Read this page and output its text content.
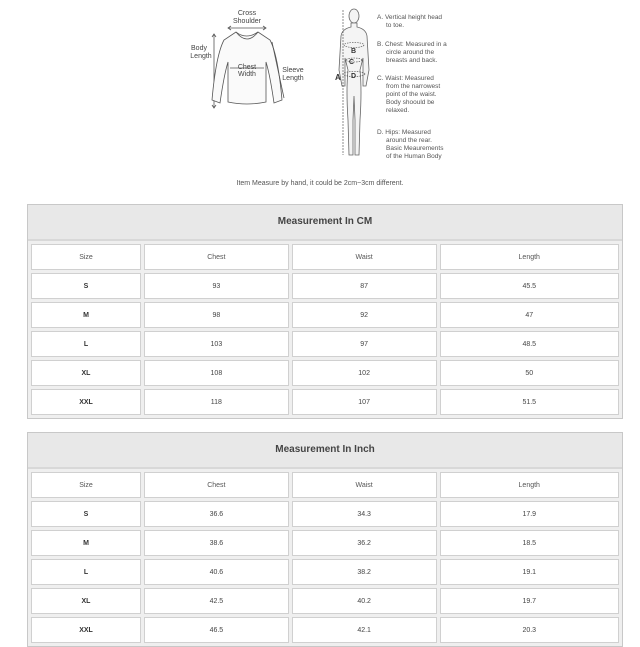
Cross
Shoulder
Body
Length
Chest
Width
Sleeve
Length	A
B
C
D
A. Vertical height head
to toe.
B. Chest: Measured in a
circle around the
breasts and back.
C. Waist: Measured
from the narrowest
point of the waist.
Body shoould be
relaxed.
D. Hips: Measured
around the rear.
Basic Meaurements
of the Human Body
Item Measure by hand, it could be 2cm~3cm different.
Measurement In CM
Size	Chest	Waist	Length
S	93	87	45.5
M	98	92	47
L	103	97	48.5
XL	108	102	50
XXL	118	107	51.5
Measurement In Inch
Size	Chest	Waist	Length
S	36.6	34.3	17.9
M	38.6	36.2	18.5
L	40.6	38.2	19.1
XL	42.5	40.2	19.7
XXL	46.5	42.1	20.3
